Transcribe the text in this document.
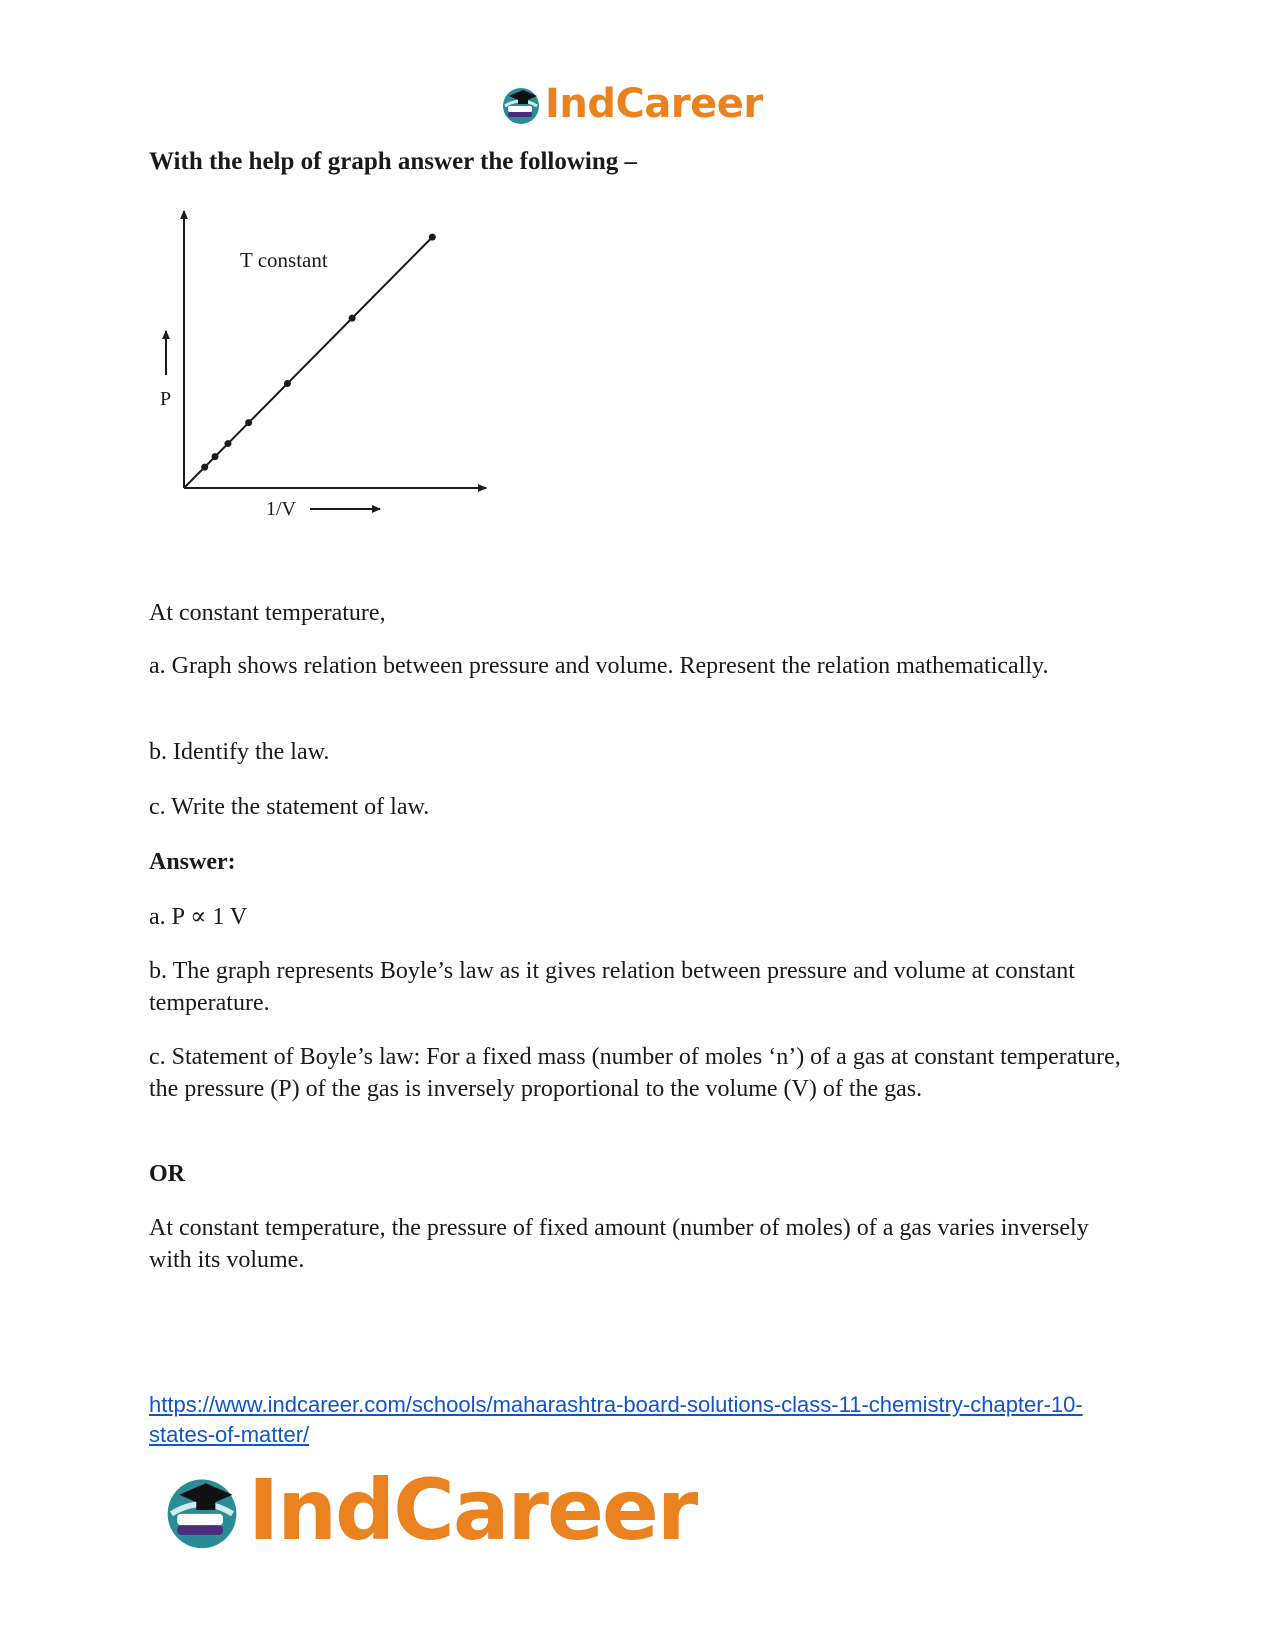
IndCareer

With the help of graph answer the following –

P
1/V
T constant

At constant temperature,

a. Graph shows relation between pressure and volume. Represent the relation mathematically.

b. Identify the law.

c. Write the statement of law.

Answer:

a. P ∝ 1 V

b. The graph represents Boyle’s law as it gives relation between pressure and volume at constant temperature.

c. Statement of Boyle’s law: For a fixed mass (number of moles ‘n’) of a gas at constant temperature, the pressure (P) of the gas is inversely proportional to the volume (V) of the gas.

OR

At constant temperature, the pressure of fixed amount (number of moles) of a gas varies inversely with its volume.

https://www.indcareer.com/schools/maharashtra-board-solutions-class-11-chemistry-chapter-10-
states-of-matter/
IndCareer
